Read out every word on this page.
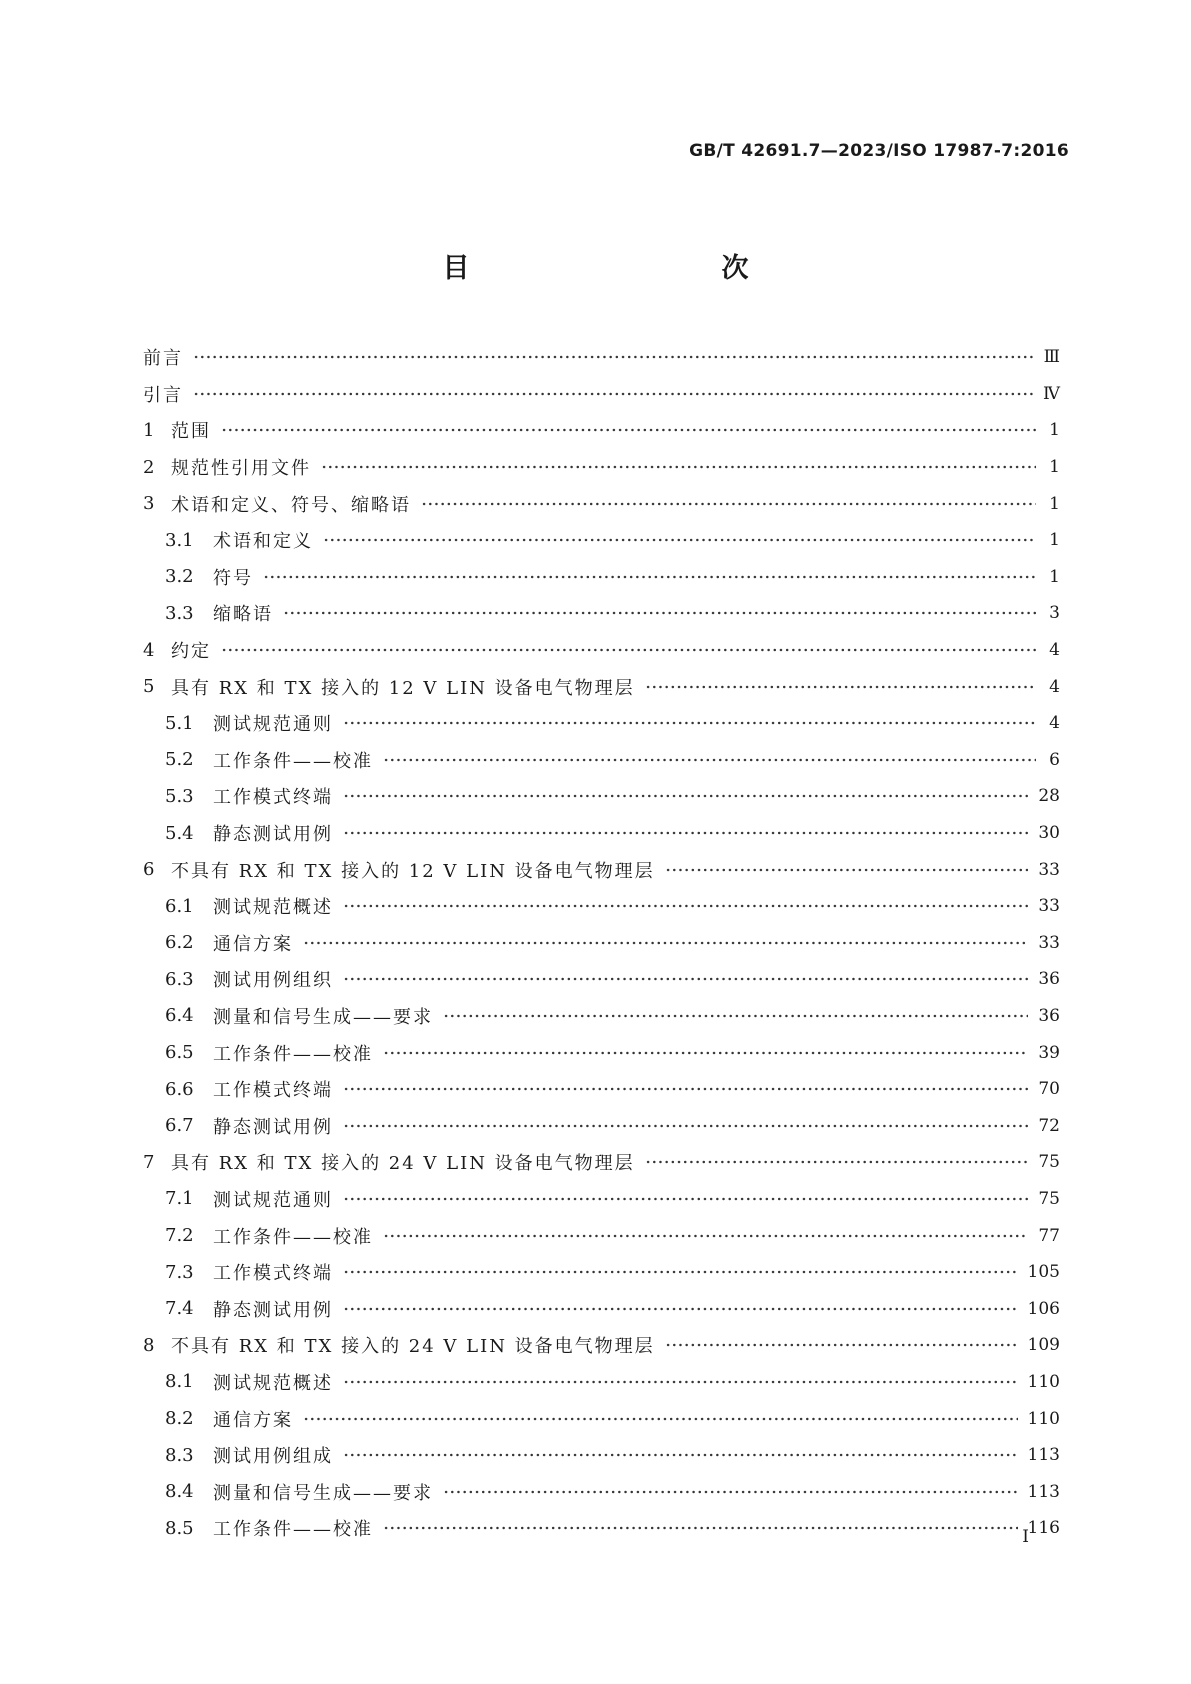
GB/T 42691.7—2023/ISO 17987-7:2016
目　　次
前言	Ⅲ
引言	Ⅳ
1 范围	1
2 规范性引用文件	1
3 术语和定义、符号、缩略语	1
3.1	术语和定义	1
3.2	符号	1
3.3	缩略语	3
4 约定	4
5 具有 RX 和 TX 接入的 12 V LIN 设备电气物理层	4
5.1	测试规范通则	4
5.2	工作条件——校准	6
5.3	工作模式终端	28
5.4	静态测试用例	30
6 不具有 RX 和 TX 接入的 12 V LIN 设备电气物理层	33
6.1	测试规范概述	33
6.2	通信方案	33
6.3	测试用例组织	36
6.4	测量和信号生成——要求	36
6.5	工作条件——校准	39
6.6	工作模式终端	70
6.7	静态测试用例	72
7 具有 RX 和 TX 接入的 24 V LIN 设备电气物理层	75
7.1	测试规范通则	75
7.2	工作条件——校准	77
7.3	工作模式终端	105
7.4	静态测试用例	106
8 不具有 RX 和 TX 接入的 24 V LIN 设备电气物理层	109
8.1	测试规范概述	110
8.2	通信方案	110
8.3	测试用例组成	113
8.4	测量和信号生成——要求	113
8.5	工作条件——校准	116
Ⅰ
